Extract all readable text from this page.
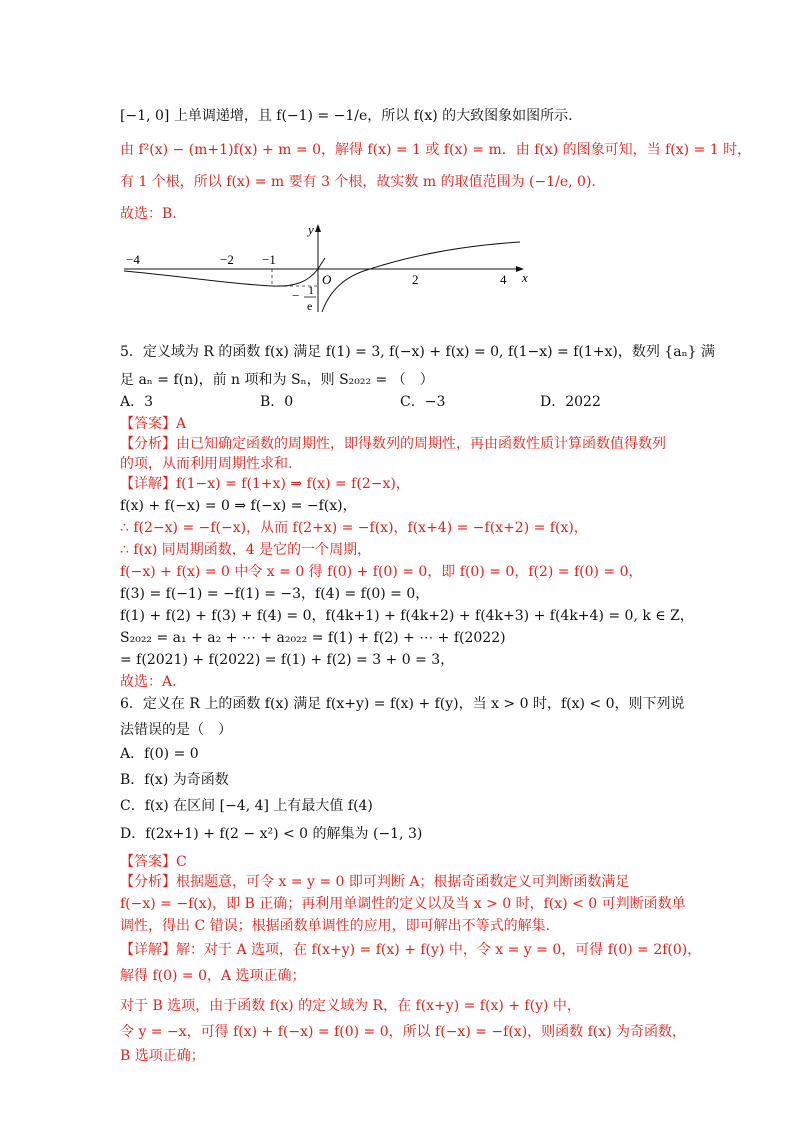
[−1, 0] 上单调递增，且 f(−1) = −1/e，所以 f(x) 的大致图象如图所示.
由 f²(x) − (m+1)f(x) + m = 0，解得 f(x) = 1 或 f(x) = m．由 f(x) 的图象可知，当 f(x) = 1 时，
有 1 个根，所以 f(x) = m 要有 3 个根，故实数 m 的取值范围为 (−1/e, 0).
故选：B.
5．定义域为 R 的函数 f(x) 满足 f(1) = 3, f(−x) + f(x) = 0, f(1−x) = f(1+x)，数列 {aₙ} 满
足 aₙ = f(n)，前 n 项和为 Sₙ，则 S₂₀₂₂ = （　）
【答案】A
【分析】由已知确定函数的周期性，即得数列的周期性，再由函数性质计算函数值得数列
的项，从而利用周期性求和.
【详解】f(1−x) = f(1+x) ⇒ f(x) = f(2−x)，
f(x) + f(−x) = 0 ⇒ f(−x) = −f(x)，
∴ f(2−x) = −f(−x)，从而 f(2+x) = −f(x)，f(x+4) = −f(x+2) = f(x)，
∴ f(x) 同周期函数，4 是它的一个周期，
f(−x) + f(x) = 0 中令 x = 0 得 f(0) + f(0) = 0，即 f(0) = 0，f(2) = f(0) = 0，
f(3) = f(−1) = −f(1) = −3，f(4) = f(0) = 0，
f(1) + f(2) + f(3) + f(4) = 0，f(4k+1) + f(4k+2) + f(4k+3) + f(4k+4) = 0, k ∈ Z，
S₂₀₂₂ = a₁ + a₂ + ⋯ + a₂₀₂₂ = f(1) + f(2) + ⋯ + f(2022)
= f(2021) + f(2022) = f(1) + f(2) = 3 + 0 = 3，
故选：A.
6．定义在 R 上的函数 f(x) 满足 f(x+y) = f(x) + f(y)，当 x > 0 时，f(x) < 0，则下列说
法错误的是（　）
A．f(0) = 0
B．f(x) 为奇函数
C．f(x) 在区间 [−4, 4] 上有最大值 f(4)
D．f(2x+1) + f(2 − x²) < 0 的解集为 (−1, 3)
【答案】C
【分析】根据题意，可令 x = y = 0 即可判断 A；根据奇函数定义可判断函数满足
f(−x) = −f(x)，即 B 正确；再利用单调性的定义以及当 x > 0 时，f(x) < 0 可判断函数单
调性，得出 C 错误；根据函数单调性的应用，即可解出不等式的解集.
【详解】解：对于 A 选项，在 f(x+y) = f(x) + f(y) 中，令 x = y = 0，可得 f(0) = 2f(0)，
解得 f(0) = 0，A 选项正确；
对于 B 选项，由于函数 f(x) 的定义域为 R，在 f(x+y) = f(x) + f(y) 中，
令 y = −x，可得 f(x) + f(−x) = f(0) = 0，所以 f(−x) = −f(x)，则函数 f(x) 为奇函数，
B 选项正确；
A．3	B．0	C．−3	D．2022
y
x
O
−4	−2 −1
2	4
− 1
e
